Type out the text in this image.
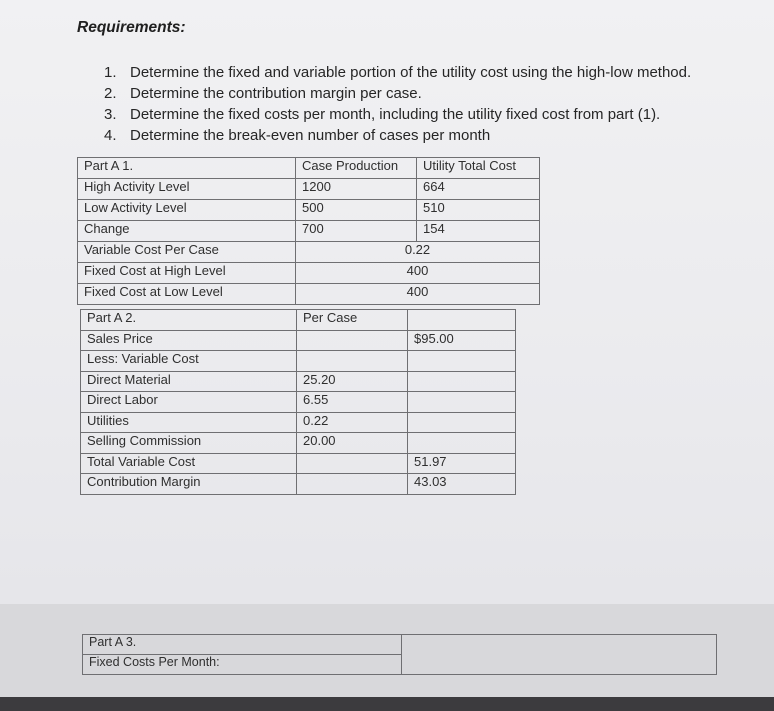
Requirements:
1. Determine the fixed and variable portion of the utility cost using the high-low method.
2. Determine the contribution margin per case.
3. Determine the fixed costs per month, including the utility fixed cost from part (1).
4. Determine the break-even number of cases per month
Part A 1.	Case Production	Utility Total Cost
High Activity Level	1200	664
Low Activity Level	500	510
Change	700	154
Variable Cost Per Case	0.22	
Fixed Cost at High Level	400	
Fixed Cost at Low Level	400	
Part A 2.	Per Case	
Sales Price		$95.00
Less: Variable Cost		
Direct Material	25.20	
Direct Labor	6.55	
Utilities	0.22	
Selling Commission	20.00	
Total Variable Cost		51.97
Contribution Margin		43.03
Part A 3.	
Fixed Costs Per Month:
